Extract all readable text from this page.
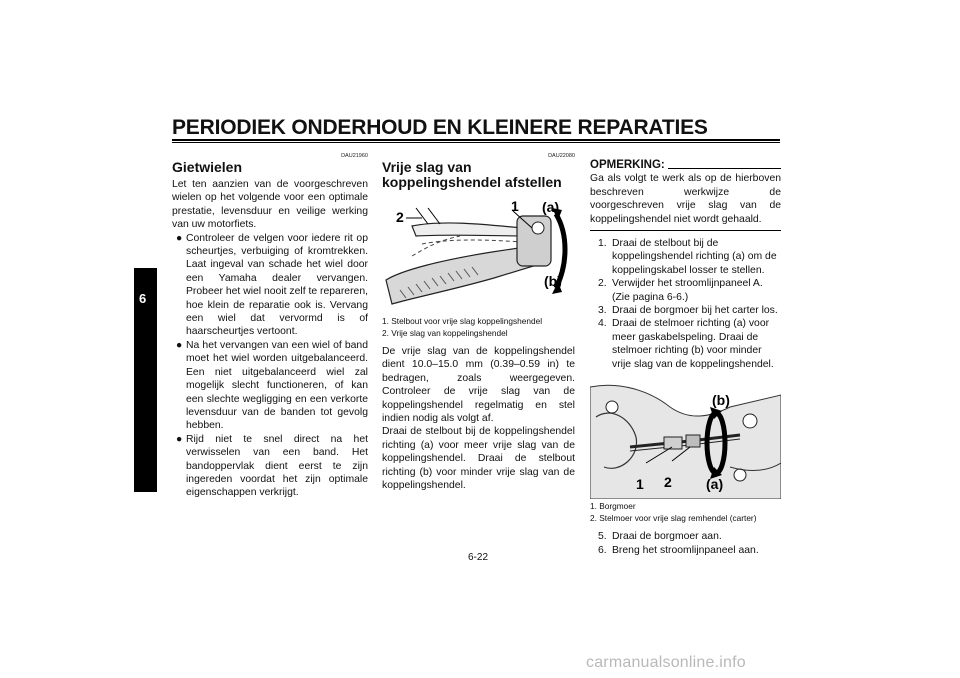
PERIODIEK ONDERHOUD EN KLEINERE REPARATIES
6
DAU21960
Gietwielen

Let ten aanzien van de voorgeschreven wielen op het volgende voor een optimale prestatie, levensduur en veilige werking van uw motorfiets.

● Controleer de velgen voor iedere rit op scheurtjes, verbuiging of kromtrekken. Laat ingeval van schade het wiel door een Yamaha dealer vervangen. Probeer het wiel nooit zelf te repareren, hoe klein de reparatie ook is. Vervang een wiel dat vervormd is of haarscheurtjes vertoont.
● Na het vervangen van een wiel of band moet het wiel worden uitgebalanceerd. Een niet uitgebalanceerd wiel zal mogelijk slecht functioneren, of kan een slechte wegligging en een verkorte levensduur van de banden tot gevolg hebben.
● Rijd niet te snel direct na het verwisselen van een band. Het bandoppervlak dient eerst te zijn ingereden voordat het zijn optimale eigenschappen verkrijgt.
DAU22080
Vrije slag van koppelingshendel afstellen
(a)
(b)
1
2
1. Stelbout voor vrije slag koppelingshendel
2. Vrije slag van koppelingshendel

De vrije slag van de koppelingshendel dient 10.0–15.0 mm (0.39–0.59 in) te bedragen, zoals weergegeven. Controleer de vrije slag van de koppelingshendel regelmatig en stel indien nodig als volgt af.

Draai de stelbout bij de koppelingshendel richting (a) voor meer vrije slag van de koppelingshendel. Draai de stelbout richting (b) voor minder vrije slag van de koppelingshendel.

OPMERKING:

Ga als volgt te werk als op de hierboven beschreven werkwijze de voorgeschreven vrije slag van de koppelingshendel niet wordt gehaald.

1. Draai de stelbout bij de koppelingshendel richting (a) om de koppelingskabel losser te stellen.
2. Verwijder het stroomlijnpaneel A. (Zie pagina 6-6.)
3. Draai de borgmoer bij het carter los.
4. Draai de stelmoer richting (a) voor meer gaskabelspeling. Draai de stelmoer richting (b) voor minder vrije slag van de koppelingshendel.
(b)
(a)
1 2
1. Borgmoer
2. Stelmoer voor vrije slag remhendel (carter)
5. Draai de borgmoer aan.
6. Breng het stroomlijnpaneel aan.
6-22
carmanualsonline.info
